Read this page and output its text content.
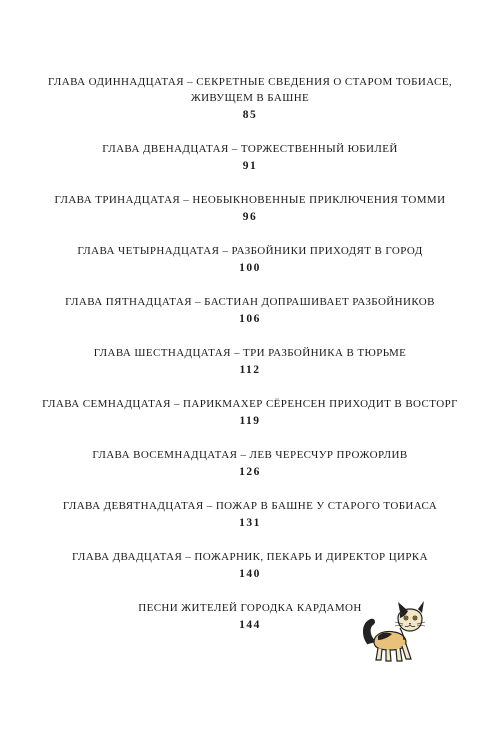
ГЛАВА ОДИННАДЦАТАЯ – СЕКРЕТНЫЕ СВЕДЕНИЯ О СТАРОМ ТОБИАСЕ, ЖИВУЩЕМ В БАШНЕ

85

ГЛАВА ДВЕНАДЦАТАЯ – ТОРЖЕСТВЕННЫЙ ЮБИЛЕЙ

91

ГЛАВА ТРИНАДЦАТАЯ – НЕОБЫКНОВЕННЫЕ ПРИКЛЮЧЕНИЯ ТОММИ

96

ГЛАВА ЧЕТЫРНАДЦАТАЯ – РАЗБОЙНИКИ ПРИХОДЯТ В ГОРОД

100

ГЛАВА ПЯТНАДЦАТАЯ – БАСТИАН ДОПРАШИВАЕТ РАЗБОЙНИКОВ

106

ГЛАВА ШЕСТНАДЦАТАЯ – ТРИ РАЗБОЙНИКА В ТЮРЬМЕ

112

ГЛАВА СЕМНАДЦАТАЯ – ПАРИКМАХЕР СЁРЕНСЕН ПРИХОДИТ В ВОСТОРГ

119

ГЛАВА ВОСЕМНАДЦАТАЯ – ЛЕВ ЧЕРЕСЧУР ПРОЖОРЛИВ

126

ГЛАВА ДЕВЯТНАДЦАТАЯ – ПОЖАР В БАШНЕ У СТАРОГО ТОБИАСА

131

ГЛАВА ДВАДЦАТАЯ – ПОЖАРНИК, ПЕКАРЬ И ДИРЕКТОР ЦИРКА

140

ПЕСНИ ЖИТЕЛЕЙ ГОРОДКА КАРДАМОН

144
